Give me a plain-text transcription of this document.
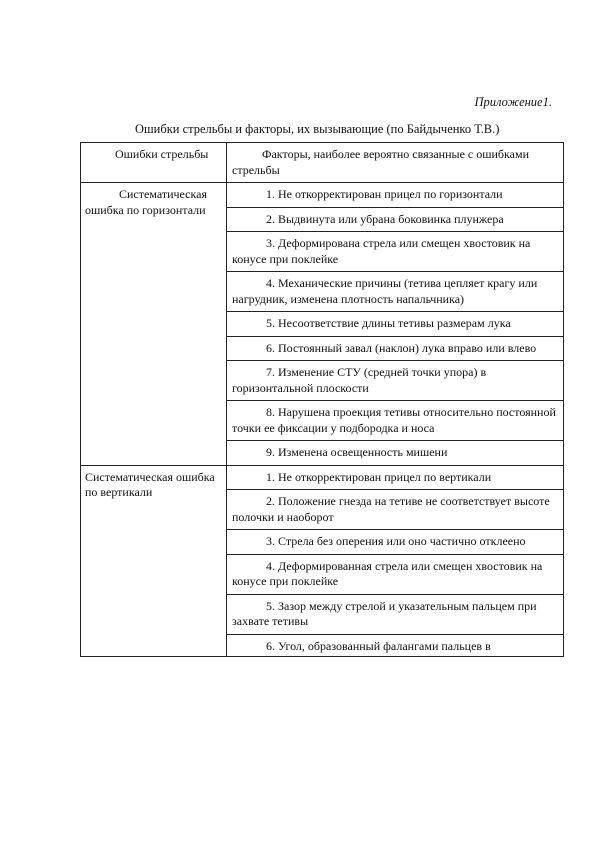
Приложение1.
Ошибки стрельбы и факторы, их вызывающие (по Байдыченко Т.В.)
Ошибки стрельбы	Факторы, наиболее вероятно связанные с ошибками стрельбы
Систематическая ошибка по горизонтали	1. Не откорректирован прицел по горизонтали
	2. Выдвинута или убрана боковинка плунжера
	3. Деформирована стрела или смещен хвостовик на конусе при поклейке
	4. Механические причины (тетива цепляет крагу или нагрудник, изменена плотность напальчника)
	5. Несоответствие длины тетивы размерам лука
	6. Постоянный завал (наклон) лука вправо или влево
	7. Изменение СТУ (средней точки упора) в горизонтальной плоскости
	8. Нарушена проекция тетивы относительно постоянной точки ее фиксации у подбородка и носа
	9. Изменена освещенность мишени
Систематическая ошибка по вертикали	1. Не откорректирован прицел по вертикали
	2. Положение гнезда на тетиве не соответствует высоте полочки и наоборот
	3. Стрела без оперения или оно частично отклеено
	4. Деформированная стрела или смещен хвостовик на конусе при поклейке
	5. Зазор между стрелой и указательным пальцем при захвате тетивы
	6. Угол, образованный фалангами пальцев в
